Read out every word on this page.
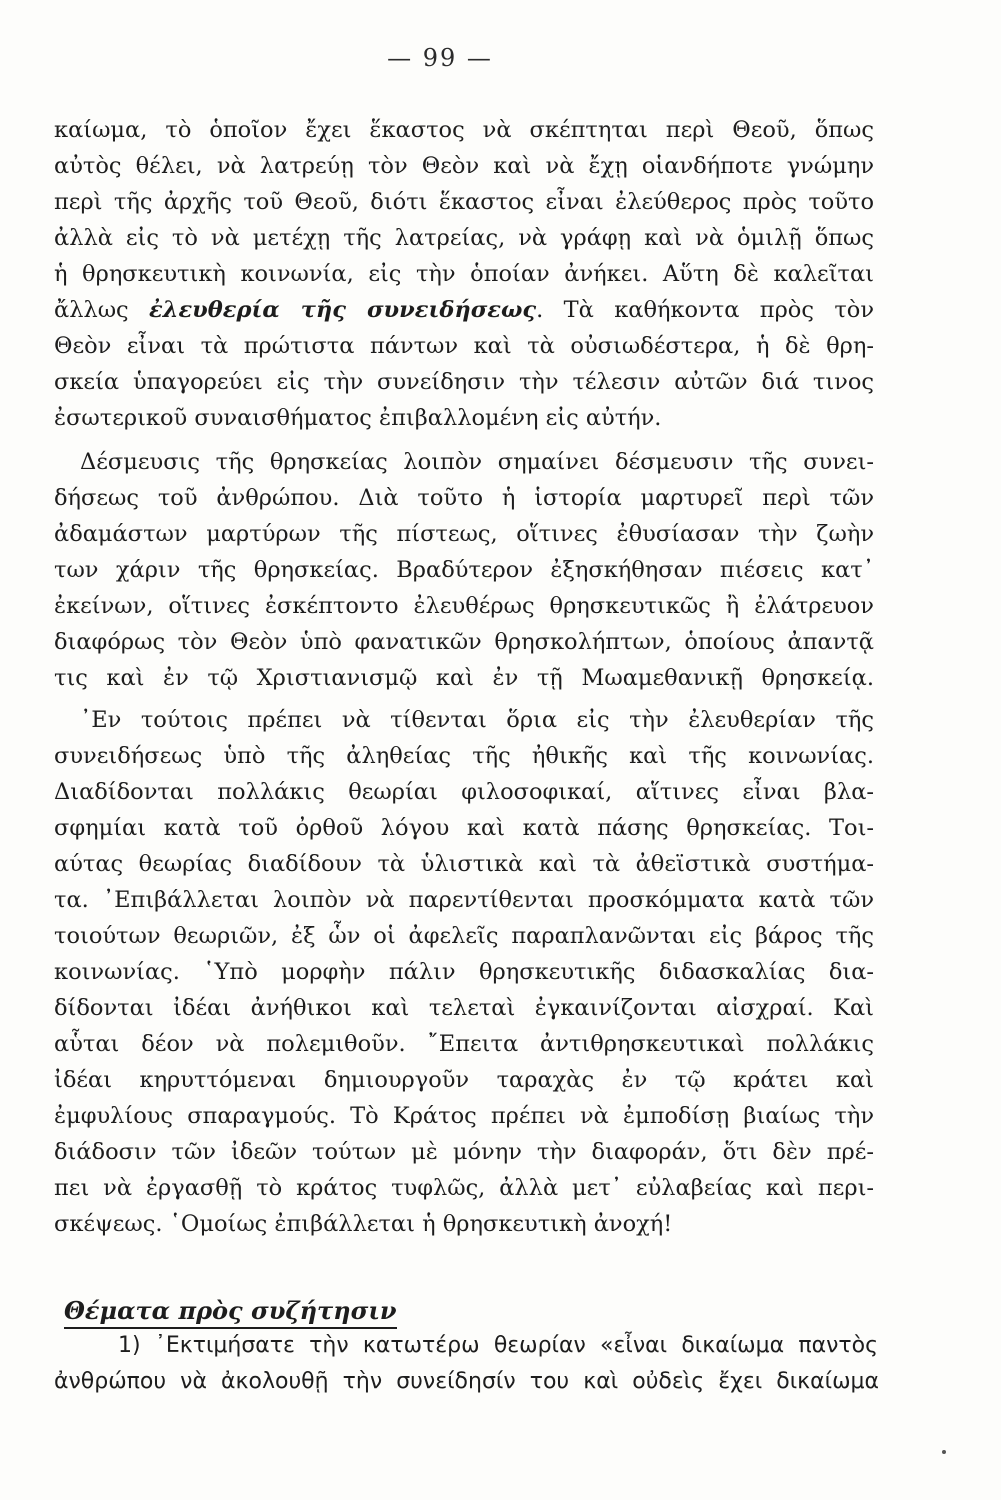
— 99 —
καίωμα, τὸ ὁποῖον ἔχει ἕκαστος νὰ σκέπτηται περὶ Θεοῦ, ὅπως
αὐτὸς θέλει, νὰ λατρεύῃ τὸν Θεὸν καὶ νὰ ἔχῃ οἱανδήποτε γνώμην
περὶ τῆς ἀρχῆς τοῦ Θεοῦ, διότι ἕκαστος εἶναι ἐλεύθερος πρὸς τοῦτο
ἀλλὰ εἰς τὸ νὰ μετέχῃ τῆς λατρείας, νὰ γράφῃ καὶ νὰ ὁμιλῇ ὅπως
ἡ θρησκευτικὴ κοινωνία, εἰς τὴν ὁποίαν ἀνήκει. Αὕτη δὲ καλεῖται
ἄλλως ἐλευθερία τῆς συνειδήσεως. Τὰ καθήκοντα πρὸς τὸν
Θεὸν εἶναι τὰ πρώτιστα πάντων καὶ τὰ οὐσιωδέστερα, ἡ δὲ θρη-
σκεία ὑπαγορεύει εἰς τὴν συνείδησιν τὴν τέλεσιν αὐτῶν διά τινος
ἐσωτερικοῦ συναισθήματος ἐπιβαλλομένη εἰς αὐτήν.
Δέσμευσις τῆς θρησκείας λοιπὸν σημαίνει δέσμευσιν τῆς συνει-
δήσεως τοῦ ἀνθρώπου. Διὰ τοῦτο ἡ ἱστορία μαρτυρεῖ περὶ τῶν
ἀδαμάστων μαρτύρων τῆς πίστεως, οἵτινες ἐθυσίασαν τὴν ζωὴν
των χάριν τῆς θρησκείας. Βραδύτερον ἐξησκήθησαν πιέσεις κατ᾿
ἐκείνων, οἵτινες ἐσκέπτοντο ἐλευθέρως θρησκευτικῶς ἢ ἐλάτρευον
διαφόρως τὸν Θεὸν ὑπὸ φανατικῶν θρησκολήπτων, ὁποίους ἀπαντᾷ
τις καὶ ἐν τῷ Χριστιανισμῷ καὶ ἐν τῇ Μωαμεθανικῇ θρησκείᾳ.
᾿Εν τούτοις πρέπει νὰ τίθενται ὅρια εἰς τὴν ἐλευθερίαν τῆς
συνειδήσεως ὑπὸ τῆς ἀληθείας τῆς ἠθικῆς καὶ τῆς κοινωνίας.
Διαδίδονται πολλάκις θεωρίαι φιλοσοφικαί, αἵτινες εἶναι βλα-
σφημίαι κατὰ τοῦ ὀρθοῦ λόγου καὶ κατὰ πάσης θρησκείας. Τοι-
αύτας θεωρίας διαδίδουν τὰ ὑλιστικὰ καὶ τὰ ἀθεϊστικὰ συστήμα-
τα. ᾿Επιβάλλεται λοιπὸν νὰ παρεντίθενται προσκόμματα κατὰ τῶν
τοιούτων θεωριῶν, ἐξ ὧν οἱ ἀφελεῖς παραπλανῶνται εἰς βάρος τῆς
κοινωνίας. ῾Υπὸ μορφὴν πάλιν θρησκευτικῆς διδασκαλίας δια-
δίδονται ἰδέαι ἀνήθικοι καὶ τελεταὶ ἐγκαινίζονται αἰσχραί. Καὶ
αὗται δέον νὰ πολεμιθοῦν. ῎Επειτα ἀντιθρησκευτικαὶ πολλάκις
ἰδέαι κηρυττόμεναι δημιουργοῦν ταραχὰς ἐν τῷ κράτει καὶ
ἐμφυλίους σπαραγμούς. Τὸ Κράτος πρέπει νὰ ἐμποδίσῃ βιαίως τὴν
διάδοσιν τῶν ἰδεῶν τούτων μὲ μόνην τὴν διαφοράν, ὅτι δὲν πρέ-
πει νὰ ἐργασθῇ τὸ κράτος τυφλῶς, ἀλλὰ μετ᾿ εὐλαβείας καὶ περι-
σκέψεως. ῾Ομοίως ἐπιβάλλεται ἡ θρησκευτικὴ ἀνοχή!
Θέματα πρὸς συζήτησιν
1) ᾿Εκτιμήσατε τὴν κατωτέρω θεωρίαν «εἶναι δικαίωμα παντὸς
ἀνθρώπου νὰ ἀκολουθῇ τὴν συνείδησίν του καὶ οὐδεὶς ἔχει δικαίωμα
